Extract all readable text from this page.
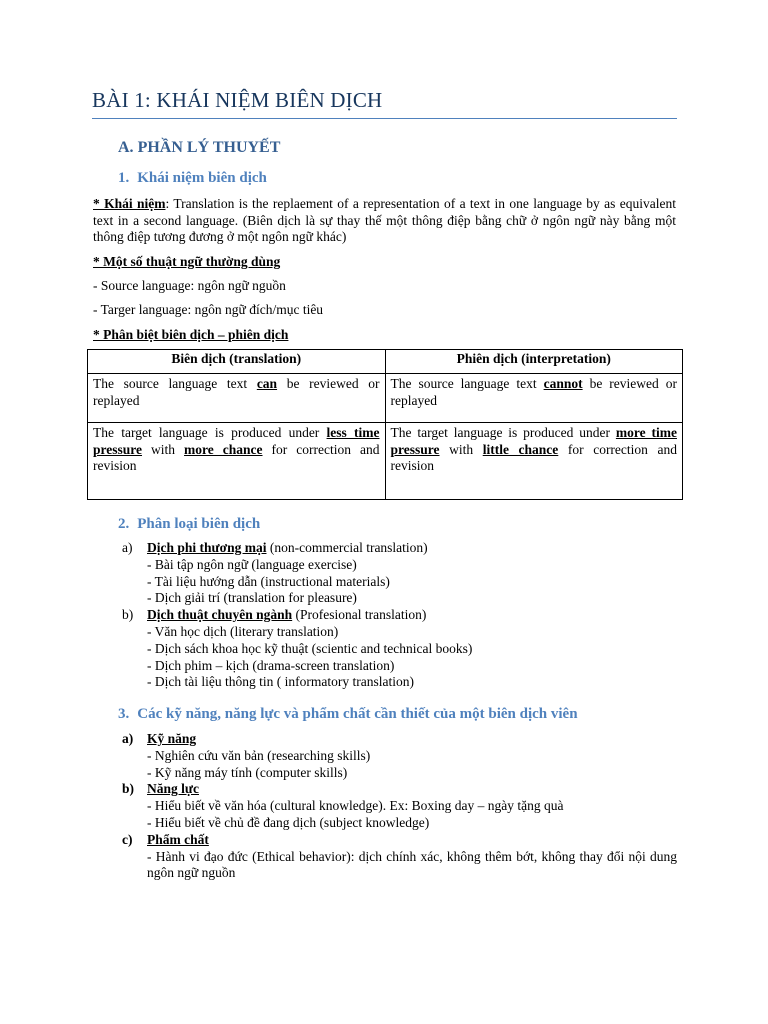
BÀI 1: KHÁI NIỆM BIÊN DỊCH
A. PHẦN LÝ THUYẾT
1. Khái niệm biên dịch
* Khái niệm: Translation is the replaement of a representation of a text in one language by as equivalent text in a second language. (Biên dịch là sự thay thế một thông điệp bằng chữ ở ngôn ngữ này bằng một thông điệp tương đương ở một ngôn ngữ khác)
* Một số thuật ngữ thường dùng
- Source language: ngôn ngữ nguồn
- Targer language: ngôn ngữ đích/mục tiêu
* Phân biệt biên dịch – phiên dịch
Biên dịch (translation)	Phiên dịch (interpretation)
The source language text can be reviewed or replayed	The source language text cannot be reviewed or replayed
The target language is produced under less time pressure with more chance for correction and revision	The target language is produced under more time pressure with little chance for correction and revision
2. Phân loại biên dịch
a) Dịch phi thương mại (non-commercial translation)
- Bài tập ngôn ngữ (language exercise)
- Tài liệu hướng dẫn (instructional materials)
- Dịch giải trí (translation for pleasure)
b) Dịch thuật chuyên ngành (Profesional translation)
- Văn học dịch (literary translation)
- Dịch sách khoa học kỹ thuật (scientic and technical books)
- Dịch phim – kịch (drama-screen translation)
- Dịch tài liệu thông tin ( informatory translation)
3. Các kỹ năng, năng lực và phẩm chất cần thiết của một biên dịch viên
a) Kỹ năng
- Nghiên cứu văn bản (researching skills)
- Kỹ năng máy tính (computer skills)
b) Năng lực
- Hiểu biết về văn hóa (cultural knowledge). Ex: Boxing day – ngày tặng quà
- Hiểu biết về chủ đề đang dịch (subject knowledge)
c) Phẩm chất
- Hành vi đạo đức (Ethical behavior): dịch chính xác, không thêm bớt, không thay đổi nội dung ngôn ngữ nguồn
